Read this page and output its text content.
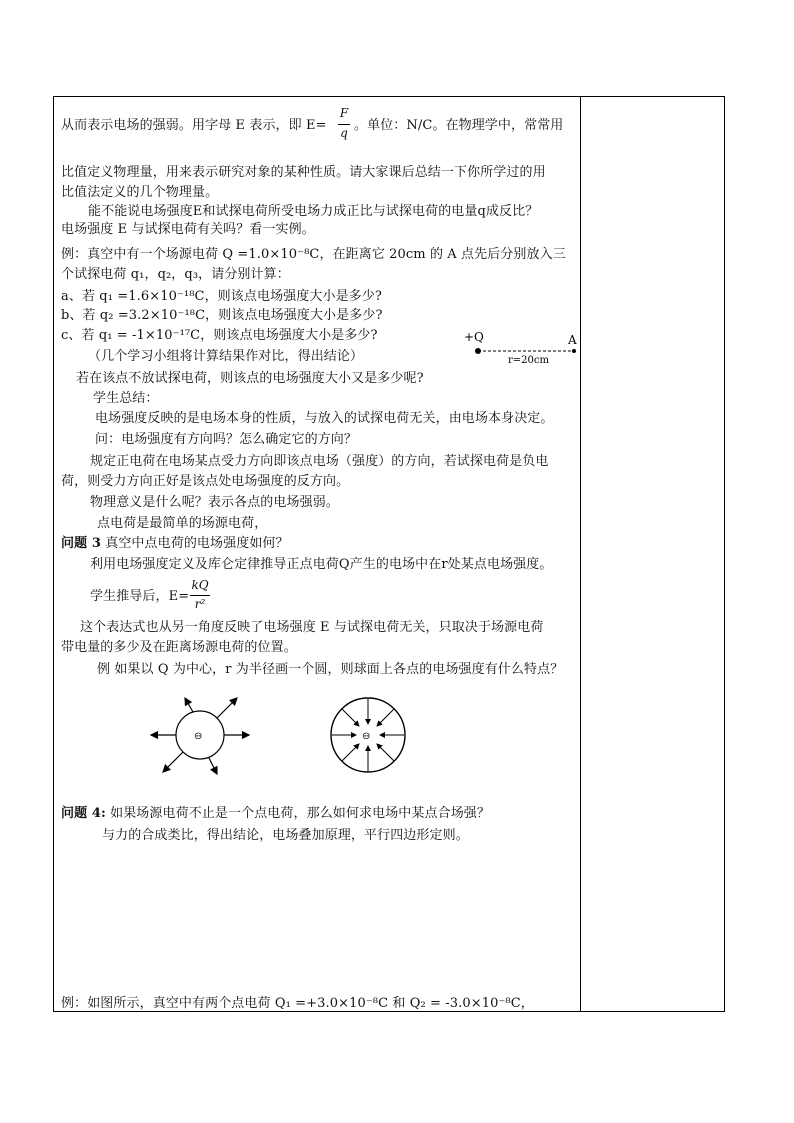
从而表示电场的强弱。用字母 E 表示，即 E=
F
q 。单位：N/C。在物理学中，常常用
比值定义物理量，用来表示研究对象的某种性质。请大家课后总结一下你所学过的用
比值法定义的几个物理量。
能不能说电场强度E和试探电荷所受电场力成正比与试探电荷的电量q成反比？
电场强度 E 与试探电荷有关吗？看一实例。
例：真空中有一个场源电荷 Q =1.0×10⁻⁸C，在距离它 20cm 的 A 点先后分别放入三
个试探电荷 q₁，q₂，q₃，请分别计算：
a、若 q₁ =1.6×10⁻¹⁸C，则该点电场强度大小是多少?
b、若 q₂ =3.2×10⁻¹⁸C，则该点电场强度大小是多少?
c、若 q₁ = -1×10⁻¹⁷C，则该点电场强度大小是多少?
（几个学习小组将计算结果作对比，得出结论）
若在该点不放试探电荷，则该点的电场强度大小又是多少呢?
学生总结：
电场强度反映的是电场本身的性质，与放入的试探电荷无关，由电场本身决定。
问：电场强度有方向吗？怎么确定它的方向？
规定正电荷在电场某点受力方向即该点电场（强度）的方向，若试探电荷是负电
荷，则受力方向正好是该点处电场强度的反方向。
物理意义是什么呢？表示各点的电场强弱。
点电荷是最简单的场源电荷，
问题 3 真空中点电荷的电场强度如何？
利用电场强度定义及库仑定律推导正点电荷Q产生的电场中在r处某点电场强度。
学生推导后，E=
kQ
r²
这个表达式也从另一角度反映了电场强度 E 与试探电荷无关，只取决于场源电荷
带电量的多少及在距离场源电荷的位置。
例 如果以 Q 为中心，r 为半径画一个圆，则球面上各点的电场强度有什么特点？
问题 4: 如果场源电荷不止是一个点电荷，那么如何求电场中某点合场强？
与力的合成类比，得出结论，电场叠加原理，平行四边形定则。
例：如图所示，真空中有两个点电荷 Q₁ =+3.0×10⁻⁸C 和 Q₂ = -3.0×10⁻⁸C，
+Q	A
r=20cm
⊖	⊖
